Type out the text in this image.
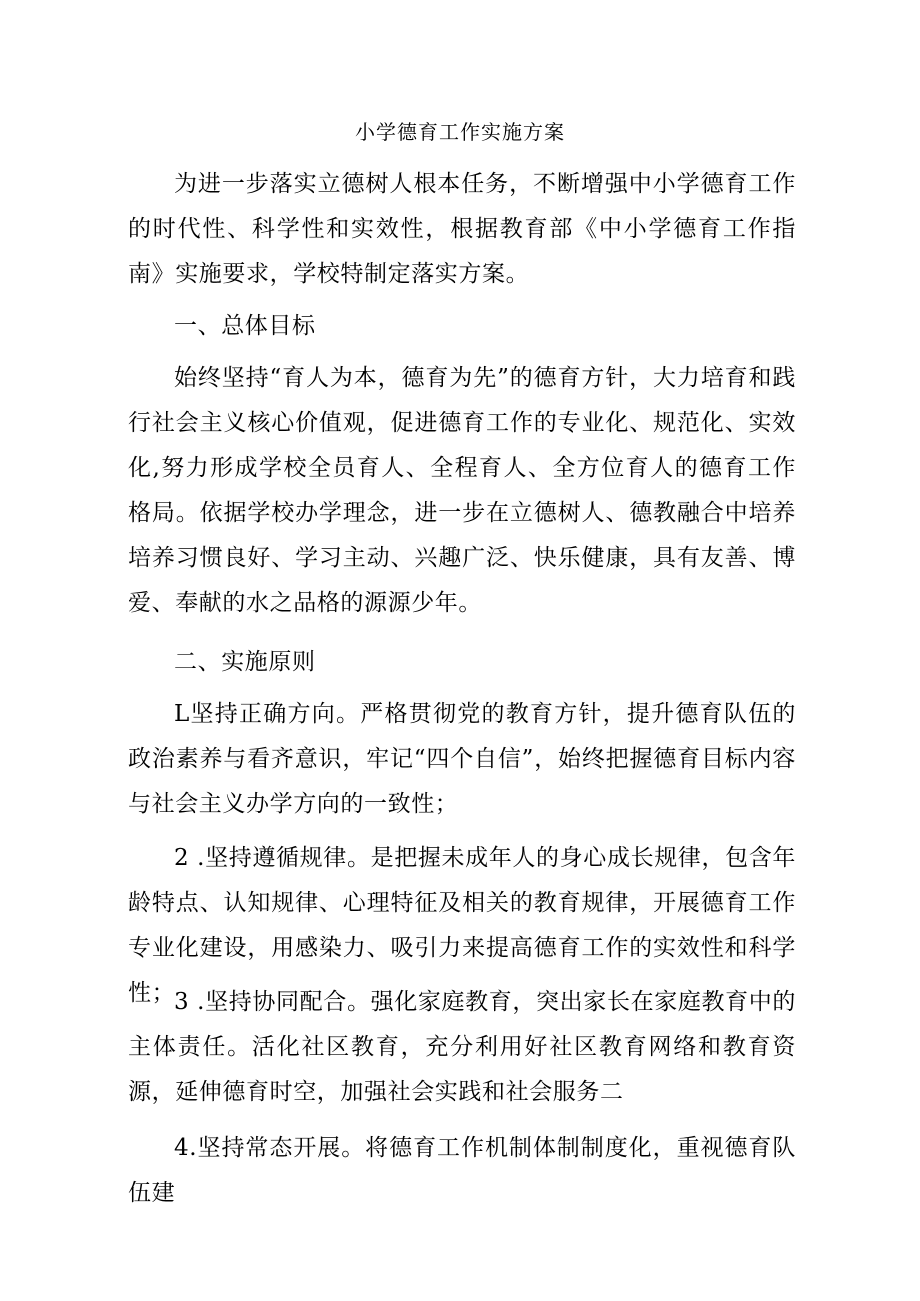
小学德育工作实施方案

为进一步落实立德树人根本任务，不断增强中小学德育工作的时代性、科学性和实效性，根据教育部《中小学德育工作指南》实施要求，学校特制定落实方案。

一、总体目标

始终坚持“育人为本，德育为先”的德育方针，大力培育和践行社会主义核心价值观，促进德育工作的专业化、规范化、实效化,努力形成学校全员育人、全程育人、全方位育人的德育工作格局。依据学校办学理念，进一步在立德树人、德教融合中培养培养习惯良好、学习主动、兴趣广泛、快乐健康，具有友善、博爱、奉献的水之品格的源源少年。

二、实施原则

L坚持正确方向。严格贯彻党的教育方针，提升德育队伍的政治素养与看齐意识，牢记“四个自信”，始终把握德育目标内容与社会主义办学方向的一致性；

2 .坚持遵循规律。是把握未成年人的身心成长规律，包含年龄特点、认知规律、心理特征及相关的教育规律，开展德育工作专业化建设，用感染力、吸引力来提高德育工作的实效性和科学性；

3 .坚持协同配合。强化家庭教育，突出家长在家庭教育中的主体责任。活化社区教育，充分利用好社区教育网络和教育资源，延伸德育时空，加强社会实践和社会服务二

4.坚持常态开展。将德育工作机制体制制度化，重视德育队伍建
